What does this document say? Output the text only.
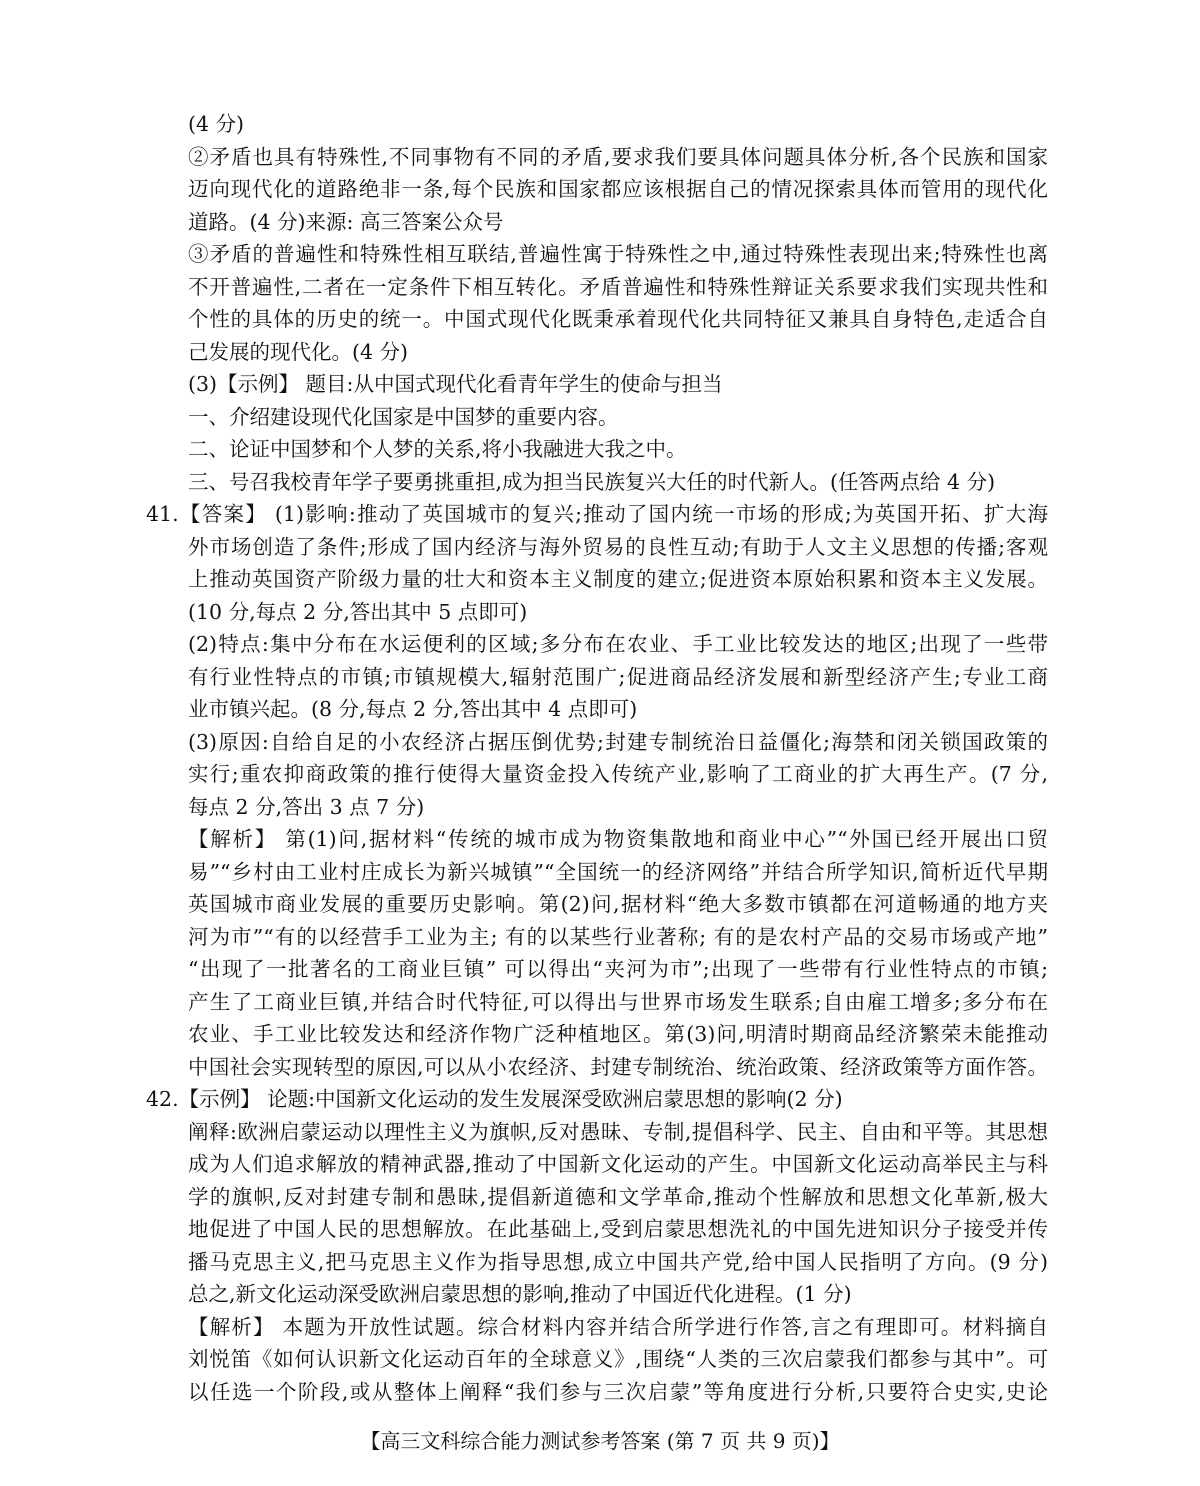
(4 分)
②矛盾也具有特殊性,不同事物有不同的矛盾,要求我们要具体问题具体分析,各个民族和国家
迈向现代化的道路绝非一条,每个民族和国家都应该根据自己的情况探索具体而管用的现代化
道路。(4 分)来源: 高三答案公众号
③矛盾的普遍性和特殊性相互联结,普遍性寓于特殊性之中,通过特殊性表现出来;特殊性也离
不开普遍性,二者在一定条件下相互转化。矛盾普遍性和特殊性辩证关系要求我们实现共性和
个性的具体的历史的统一。中国式现代化既秉承着现代化共同特征又兼具自身特色,走适合自
己发展的现代化。(4 分)
(3)【示例】 题目:从中国式现代化看青年学生的使命与担当
一、介绍建设现代化国家是中国梦的重要内容。
二、论证中国梦和个人梦的关系,将小我融进大我之中。
三、号召我校青年学子要勇挑重担,成为担当民族复兴大任的时代新人。(任答两点给 4 分)
41.【答案】 (1)影响:推动了英国城市的复兴;推动了国内统一市场的形成;为英国开拓、扩大海
外市场创造了条件;形成了国内经济与海外贸易的良性互动;有助于人文主义思想的传播;客观
上推动英国资产阶级力量的壮大和资本主义制度的建立;促进资本原始积累和资本主义发展。
(10 分,每点 2 分,答出其中 5 点即可)
(2)特点:集中分布在水运便利的区域;多分布在农业、手工业比较发达的地区;出现了一些带
有行业性特点的市镇;市镇规模大,辐射范围广;促进商品经济发展和新型经济产生;专业工商
业市镇兴起。(8 分,每点 2 分,答出其中 4 点即可)
(3)原因:自给自足的小农经济占据压倒优势;封建专制统治日益僵化;海禁和闭关锁国政策的
实行;重农抑商政策的推行使得大量资金投入传统产业,影响了工商业的扩大再生产。(7 分,
每点 2 分,答出 3 点 7 分)
【解析】 第(1)问,据材料“传统的城市成为物资集散地和商业中心”“外国已经开展出口贸
易”“乡村由工业村庄成长为新兴城镇”“全国统一的经济网络”并结合所学知识,简析近代早期
英国城市商业发展的重要历史影响。第(2)问,据材料“绝大多数市镇都在河道畅通的地方夹
河为市”“有的以经营手工业为主; 有的以某些行业著称; 有的是农村产品的交易市场或产地”
“出现了一批著名的工商业巨镇” 可以得出“夹河为市”;出现了一些带有行业性特点的市镇;
产生了工商业巨镇,并结合时代特征,可以得出与世界市场发生联系;自由雇工增多;多分布在
农业、手工业比较发达和经济作物广泛种植地区。第(3)问,明清时期商品经济繁荣未能推动
中国社会实现转型的原因,可以从小农经济、封建专制统治、统治政策、经济政策等方面作答。
42.【示例】 论题:中国新文化运动的发生发展深受欧洲启蒙思想的影响(2 分)
阐释:欧洲启蒙运动以理性主义为旗帜,反对愚昧、专制,提倡科学、民主、自由和平等。其思想
成为人们追求解放的精神武器,推动了中国新文化运动的产生。中国新文化运动高举民主与科
学的旗帜,反对封建专制和愚昧,提倡新道德和文学革命,推动个性解放和思想文化革新,极大
地促进了中国人民的思想解放。在此基础上,受到启蒙思想洗礼的中国先进知识分子接受并传
播马克思主义,把马克思主义作为指导思想,成立中国共产党,给中国人民指明了方向。(9 分)
总之,新文化运动深受欧洲启蒙思想的影响,推动了中国近代化进程。(1 分)
【解析】 本题为开放性试题。综合材料内容并结合所学进行作答,言之有理即可。材料摘自
刘悦笛《如何认识新文化运动百年的全球意义》,围绕“人类的三次启蒙我们都参与其中”。可
以任选一个阶段,或从整体上阐释“我们参与三次启蒙”等角度进行分析,只要符合史实,史论
【高三文科综合能力测试参考答案 (第 7 页 共 9 页)】
